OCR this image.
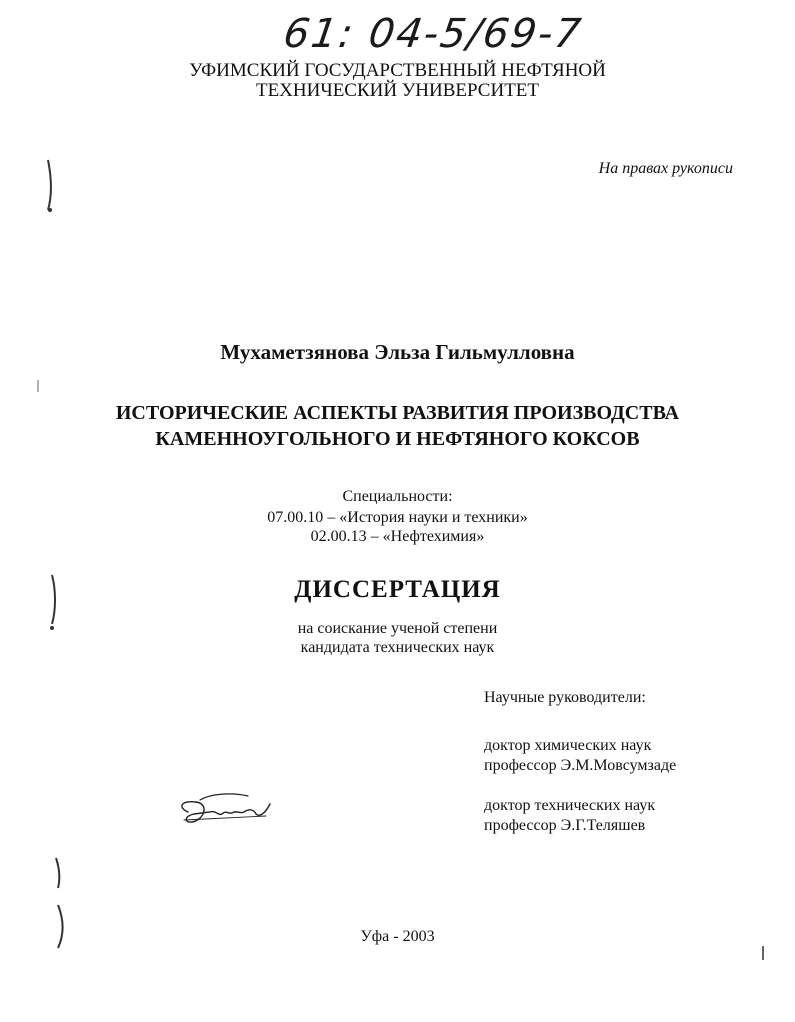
61: 04-5/69-7
УФИМСКИЙ ГОСУДАРСТВЕННЫЙ НЕФТЯНОЙ
ТЕХНИЧЕСКИЙ УНИВЕРСИТЕТ
На правах рукописи
Мухаметзянова Эльза Гильмулловна
ИСТОРИЧЕСКИЕ АСПЕКТЫ РАЗВИТИЯ ПРОИЗВОДСТВА
КАМЕННОУГОЛЬНОГО И НЕФТЯНОГО КОКСОВ
Специальности:
07.00.10 – «История науки и техники»
02.00.13 – «Нефтехимия»
ДИССЕРТАЦИЯ
на соискание ученой степени
кандидата технических наук
Научные руководители:
доктор химических наук
профессор Э.М.Мовсумзаде
доктор технических наук
профессор Э.Г.Теляшев
Уфа - 2003
